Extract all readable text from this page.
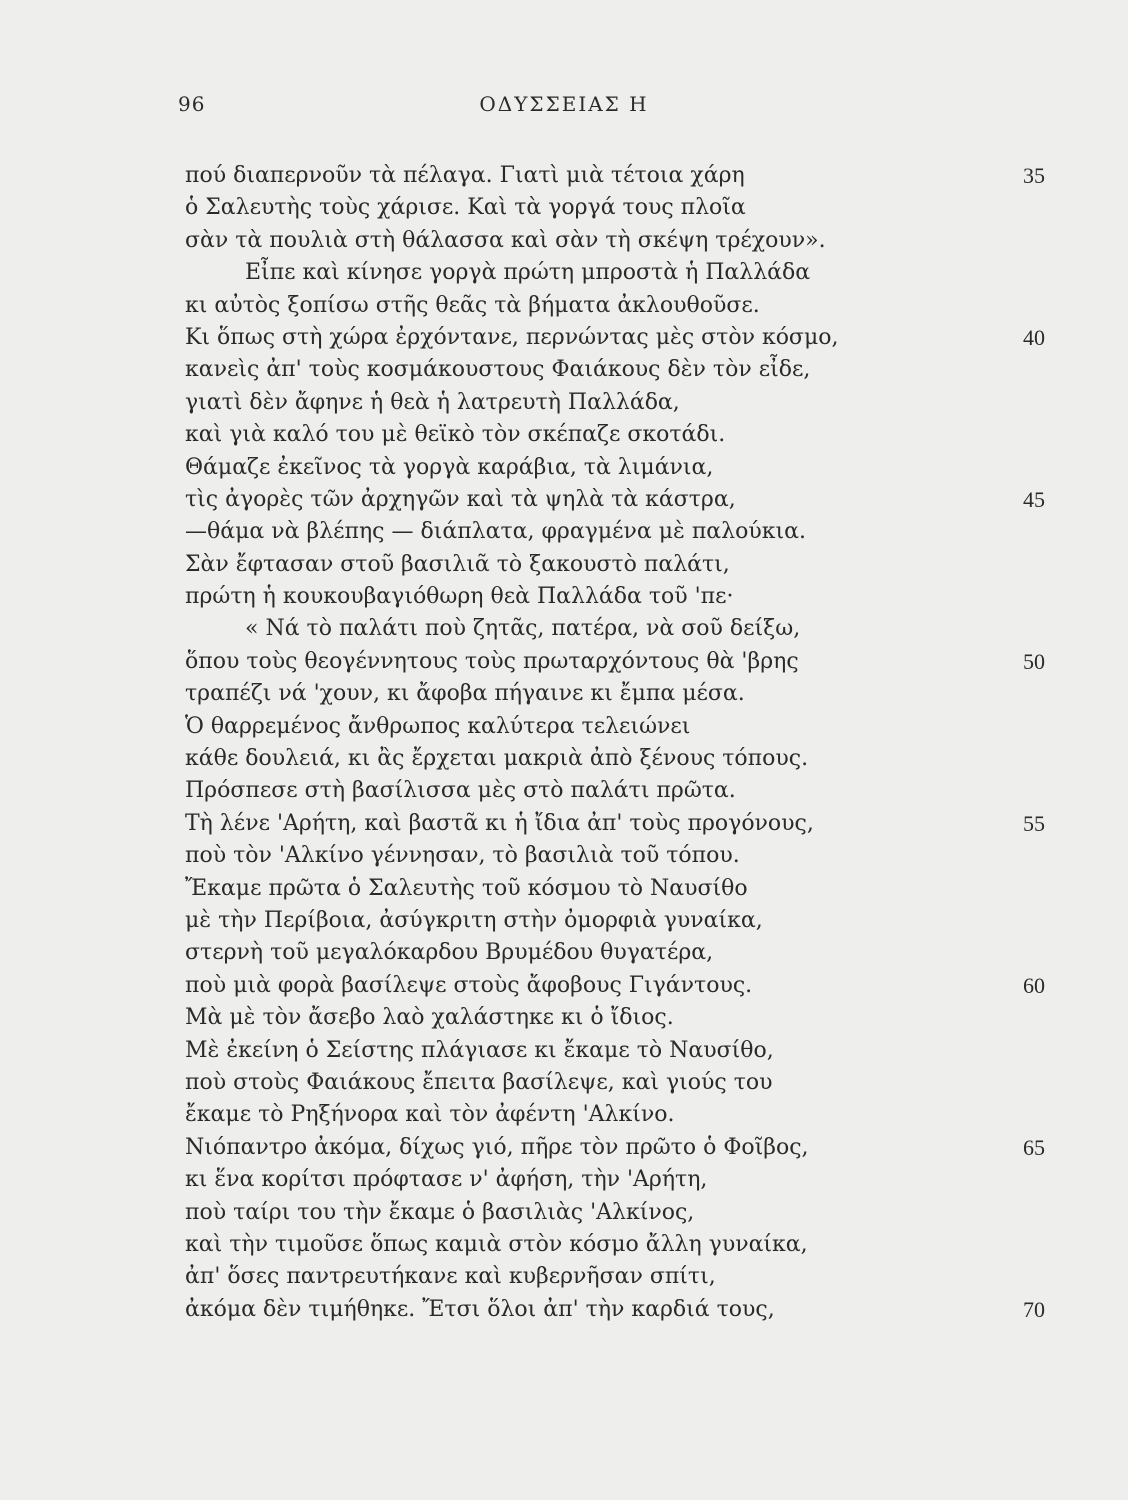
96	ΟΔΥΣΣΕΙΑΣ Η
πού διαπερνοῦν τὰ πέλαγα. Γιατὶ μιὰ τέτοια χάρη	35
ὁ Σαλευτὴς τοὺς χάρισε. Καὶ τὰ γοργά τους πλοῖα
σὰν τὰ πουλιὰ στὴ θάλασσα καὶ σὰν τὴ σκέψη τρέχουν».
Εἶπε καὶ κίνησε γοργὰ πρώτη μπροστὰ ἡ Παλλάδα
κι αὐτὸς ξοπίσω στῆς θεᾶς τὰ βήματα ἀκλουθοῦσε.
Κι ὅπως στὴ χώρα ἐρχόντανε, περνώντας μὲς στὸν κόσμο,	40
κανεὶς ἀπ' τοὺς κοσμάκουστους Φαιάκους δὲν τὸν εἶδε,
γιατὶ δὲν ἄφηνε ἡ θεὰ ἡ λατρευτὴ Παλλάδα,
καὶ γιὰ καλό του μὲ θεϊκὸ τὸν σκέπαζε σκοτάδι.
Θάμαζε ἐκεῖνος τὰ γοργὰ καράβια, τὰ λιμάνια,
τὶς ἀγορὲς τῶν ἀρχηγῶν καὶ τὰ ψηλὰ τὰ κάστρα,	45
—θάμα νὰ βλέπης — διάπλατα, φραγμένα μὲ παλούκια.
Σὰν ἔφτασαν στοῦ βασιλιᾶ τὸ ξακουστὸ παλάτι,
πρώτη ἡ κουκουβαγιόθωρη θεὰ Παλλάδα τοῦ 'πε·
« Νά τὸ παλάτι ποὺ ζητᾶς, πατέρα, νὰ σοῦ δείξω,
ὅπου τοὺς θεογέννητους τοὺς πρωταρχόντους θὰ 'βρης	50
τραπέζι νά 'χουν, κι ἄφοβα πήγαινε κι ἔμπα μέσα.
Ὁ θαρρεμένος ἄνθρωπος καλύτερα τελειώνει
κάθε δουλειά, κι ἂς ἔρχεται μακριὰ ἀπὸ ξένους τόπους.
Πρόσπεσε στὴ βασίλισσα μὲς στὸ παλάτι πρῶτα.
Τὴ λένε 'Αρήτη, καὶ βαστᾶ κι ἡ ἴδια ἀπ' τοὺς προγόνους,	55
ποὺ τὸν 'Αλκίνο γέννησαν, τὸ βασιλιὰ τοῦ τόπου.
Ἔκαμε πρῶτα ὁ Σαλευτὴς τοῦ κόσμου τὸ Ναυσίθο
μὲ τὴν Περίβοια, ἀσύγκριτη στὴν ὀμορφιὰ γυναίκα,
στερνὴ τοῦ μεγαλόκαρδου Βρυμέδου θυγατέρα,
ποὺ μιὰ φορὰ βασίλεψε στοὺς ἄφοβους Γιγάντους.	60
Μὰ μὲ τὸν ἄσεβο λαὸ χαλάστηκε κι ὁ ἴδιος.
Μὲ ἐκείνη ὁ Σείστης πλάγιασε κι ἔκαμε τὸ Ναυσίθο,
ποὺ στοὺς Φαιάκους ἔπειτα βασίλεψε, καὶ γιούς του
ἔκαμε τὸ Ρηξήνορα καὶ τὸν ἀφέντη 'Αλκίνο.
Νιόπαντρο ἀκόμα, δίχως γιό, πῆρε τὸν πρῶτο ὁ Φοῖβος,	65
κι ἕνα κορίτσι πρόφτασε ν' ἀφήση, τὴν 'Αρήτη,
ποὺ ταίρι του τὴν ἔκαμε ὁ βασιλιὰς 'Αλκίνος,
καὶ τὴν τιμοῦσε ὅπως καμιὰ στὸν κόσμο ἄλλη γυναίκα,
ἀπ' ὅσες παντρευτήκανε καὶ κυβερνῆσαν σπίτι,
ἀκόμα δὲν τιμήθηκε. Ἔτσι ὅλοι ἀπ' τὴν καρδιά τους,	70
